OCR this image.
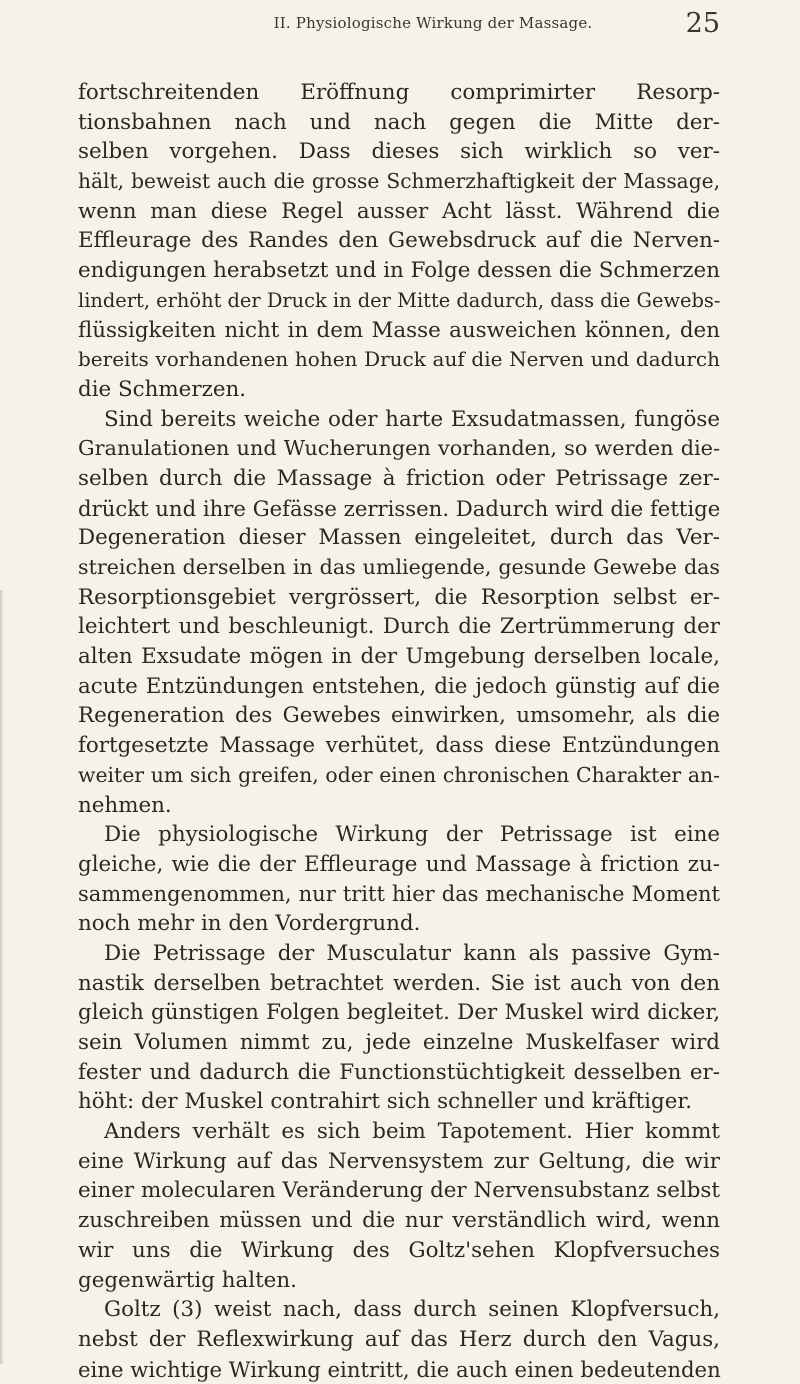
II. Physiologische Wirkung der Massage.	25
fortschreitenden Eröffnung comprimirter Resorp-
tionsbahnen nach und nach gegen die Mitte der-
selben vorgehen. Dass dieses sich wirklich so ver-
hält, beweist auch die grosse Schmerzhaftigkeit der Massage,
wenn man diese Regel ausser Acht lässt. Während die
Effleurage des Randes den Gewebsdruck auf die Nerven-
endigungen herabsetzt und in Folge dessen die Schmerzen
lindert, erhöht der Druck in der Mitte dadurch, dass die Gewebs-
flüssigkeiten nicht in dem Masse ausweichen können, den
bereits vorhandenen hohen Druck auf die Nerven und dadurch
die Schmerzen.
Sind bereits weiche oder harte Exsudatmassen, fungöse
Granulationen und Wucherungen vorhanden, so werden die-
selben durch die Massage à friction oder Petrissage zer-
drückt und ihre Gefässe zerrissen. Dadurch wird die fettige
Degeneration dieser Massen eingeleitet, durch das Ver-
streichen derselben in das umliegende, gesunde Gewebe das
Resorptionsgebiet vergrössert, die Resorption selbst er-
leichtert und beschleunigt. Durch die Zertrümmerung der
alten Exsudate mögen in der Umgebung derselben locale,
acute Entzündungen entstehen, die jedoch günstig auf die
Regeneration des Gewebes einwirken, umsomehr, als die
fortgesetzte Massage verhütet, dass diese Entzündungen
weiter um sich greifen, oder einen chronischen Charakter an-
nehmen.
Die physiologische Wirkung der Petrissage ist eine
gleiche, wie die der Effleurage und Massage à friction zu-
sammengenommen, nur tritt hier das mechanische Moment
noch mehr in den Vordergrund.
Die Petrissage der Musculatur kann als passive Gym-
nastik derselben betrachtet werden. Sie ist auch von den
gleich günstigen Folgen begleitet. Der Muskel wird dicker,
sein Volumen nimmt zu, jede einzelne Muskelfaser wird
fester und dadurch die Functionstüchtigkeit desselben er-
höht: der Muskel contrahirt sich schneller und kräftiger.
Anders verhält es sich beim Tapotement. Hier kommt
eine Wirkung auf das Nervensystem zur Geltung, die wir
einer molecularen Veränderung der Nervensubstanz selbst
zuschreiben müssen und die nur verständlich wird, wenn
wir uns die Wirkung des Goltz'sehen Klopfversuches
gegenwärtig halten.
Goltz (3) weist nach, dass durch seinen Klopfversuch,
nebst der Reflexwirkung auf das Herz durch den Vagus,
eine wichtige Wirkung eintritt, die auch einen bedeutenden
